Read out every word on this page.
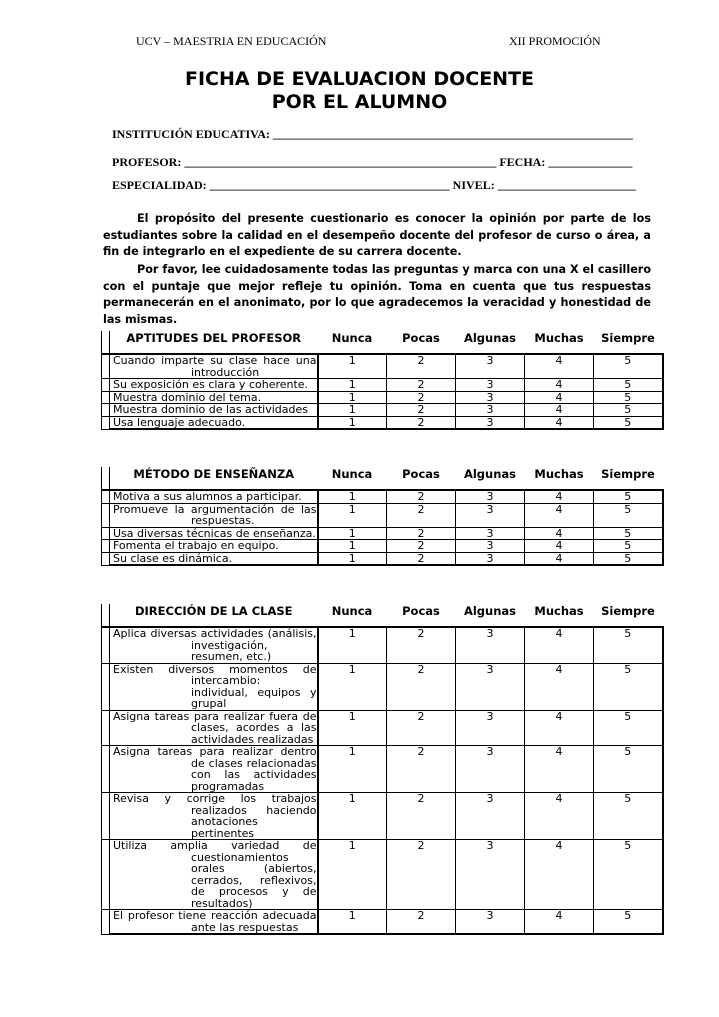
UCV – MAESTRIA EN EDUCACIÓN	XII PROMOCIÓN
FICHA DE EVALUACION DOCENTE
POR EL ALUMNO
INSTITUCIÓN EDUCATIVA: ____________________________________________________________
PROFESOR: ____________________________________________________ FECHA: ______________
ESPECIALIDAD: ________________________________________ NIVEL: _______________________

El propósito del presente cuestionario es conocer la opinión por parte de los estudiantes sobre la calidad en el desempeño docente del profesor de curso o área, a fin de integrarlo en el expediente de su carrera docente.

Por favor, lee cuidadosamente todas las preguntas y marca con una X el casillero con el puntaje que mejor refleje tu opinión. Toma en cuenta que tus respuestas permanecerán en el anonimato, por lo que agradecemos la veracidad y honestidad de las mismas.

	APTITUDES DEL PROFESOR	Nunca	Pocas	Algunas	Muchas	Siempre

	Cuando imparte su clase hace una introducción	1	2	3	4	5

	Su exposición es clara y coherente.	1	2	3	4	5

	Muestra dominio del tema.	1	2	3	4	5

	Muestra dominio de las actividades	1	2	3	4	5

	Usa lenguaje adecuado.	1	2	3	4	5
	MÉTODO DE ENSEÑANZA	Nunca	Pocas	Algunas	Muchas	Siempre

	Motiva a sus alumnos a participar.	1	2	3	4	5

	Promueve la argumentación de las respuestas.	1	2	3	4	5

	Usa diversas técnicas de enseñanza.	1	2	3	4	5

	Fomenta el trabajo en equipo.	1	2	3	4	5

	Su clase es dinámica.	1	2	3	4	5
	DIRECCIÓN DE LA CLASE	Nunca	Pocas	Algunas	Muchas	Siempre

	Aplica diversas actividades (análisis, investigación, resumen, etc.)	1	2	3	4	5

	Existen diversos momentos de intercambio: individual, equipos y grupal	1	2	3	4	5

	Asigna tareas para realizar fuera de clases, acordes a las actividades realizadas	1	2	3	4	5

	Asigna tareas para realizar dentro de clases relacionadas con las actividades programadas	1	2	3	4	5

	Revisa y corrige los trabajos realizados haciendo anotaciones pertinentes	1	2	3	4	5

	Utiliza amplia variedad de cuestionamientos orales (abiertos, cerrados, reflexivos, de procesos y de resultados)	1	2	3	4	5

	El profesor tiene reacción adecuada ante las respuestas	1	2	3	4	5
